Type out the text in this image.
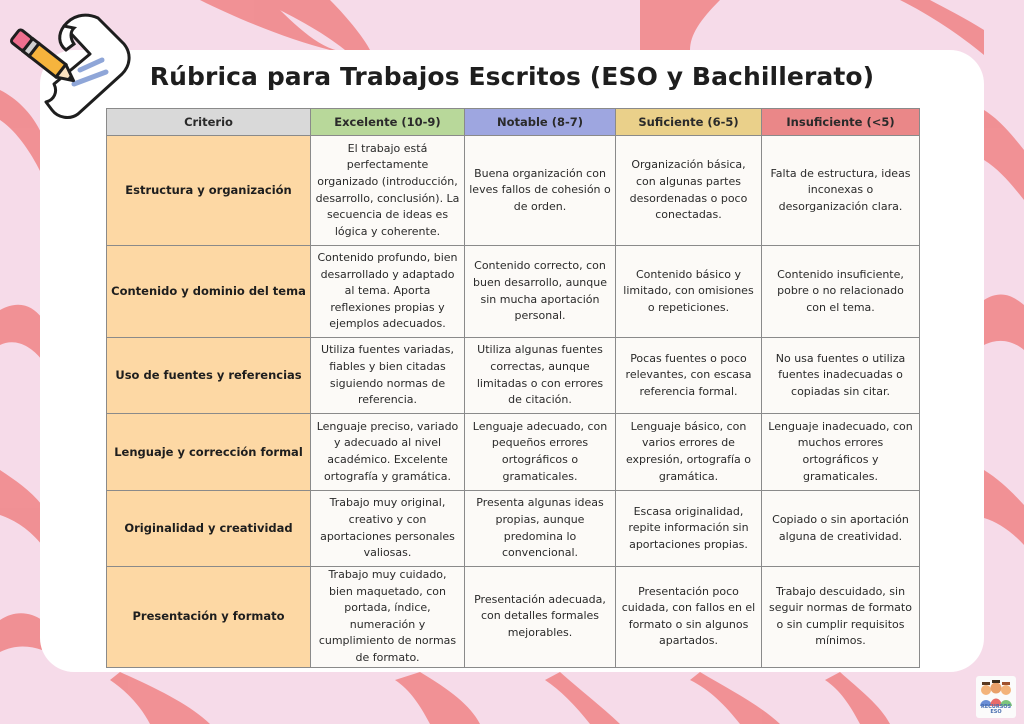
Rúbrica para Trabajos Escritos (ESO y Bachillerato)
Criterio	Excelente (10-9)	Notable (8-7)	Suficiente (6-5)	Insuficiente (<5)
Estructura y organización	El trabajo está perfectamente organizado (introducción, desarrollo, conclusión). La secuencia de ideas es lógica y coherente.	Buena organización con leves fallos de cohesión o de orden.	Organización básica, con algunas partes desordenadas o poco conectadas.	Falta de estructura, ideas inconexas o desorganización clara.
Contenido y dominio del tema	Contenido profundo, bien desarrollado y adaptado al tema. Aporta reflexiones propias y ejemplos adecuados.	Contenido correcto, con buen desarrollo, aunque sin mucha aportación personal.	Contenido básico y limitado, con omisiones o repeticiones.	Contenido insuficiente, pobre o no relacionado con el tema.
Uso de fuentes y referencias	Utiliza fuentes variadas, fiables y bien citadas siguiendo normas de referencia.	Utiliza algunas fuentes correctas, aunque limitadas o con errores de citación.	Pocas fuentes o poco relevantes, con escasa referencia formal.	No usa fuentes o utiliza fuentes inadecuadas o copiadas sin citar.
Lenguaje y corrección formal	Lenguaje preciso, variado y adecuado al nivel académico. Excelente ortografía y gramática.	Lenguaje adecuado, con pequeños errores ortográficos o gramaticales.	Lenguaje básico, con varios errores de expresión, ortografía o gramática.	Lenguaje inadecuado, con muchos errores ortográficos y gramaticales.
Originalidad y creatividad	Trabajo muy original, creativo y con aportaciones personales valiosas.	Presenta algunas ideas propias, aunque predomina lo convencional.	Escasa originalidad, repite información sin aportaciones propias.	Copiado o sin aportación alguna de creatividad.
Presentación y formato	Trabajo muy cuidado, bien maquetado, con portada, índice, numeración y cumplimiento de normas de formato.	Presentación adecuada, con detalles formales mejorables.	Presentación poco cuidada, con fallos en el formato o sin algunos apartados.	Trabajo descuidado, sin seguir normas de formato o sin cumplir requisitos mínimos.
RECURSOS ESO
